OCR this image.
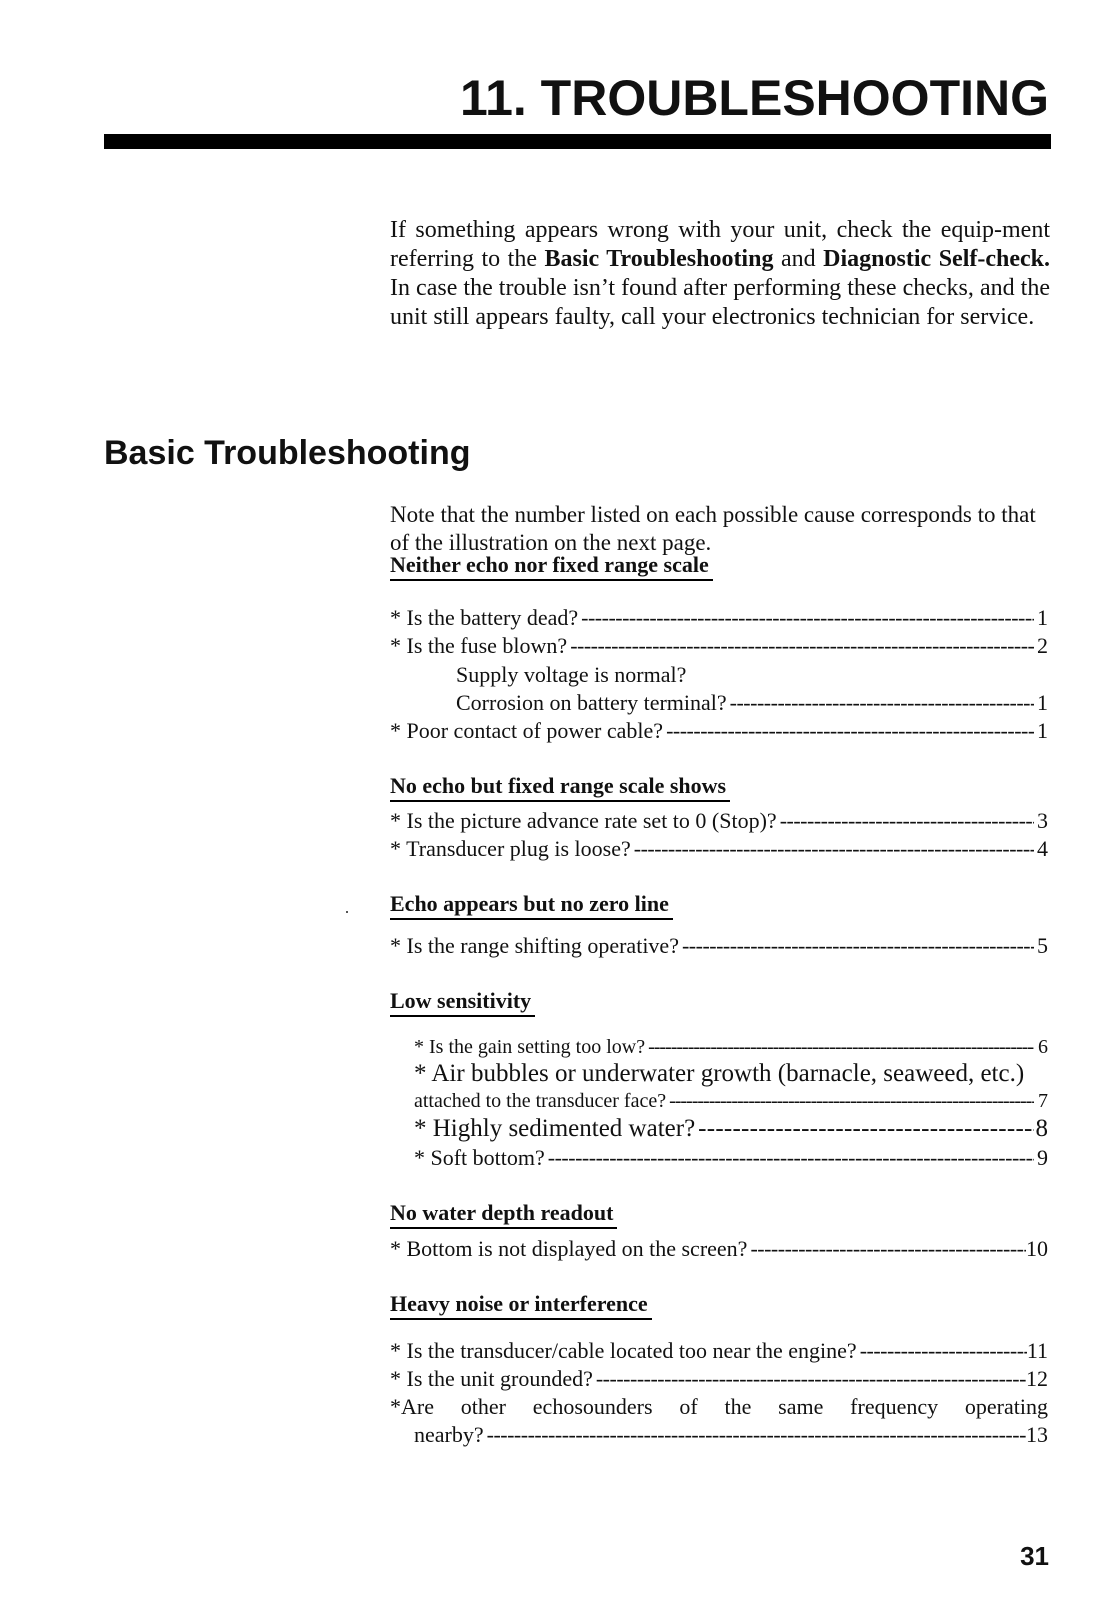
11. TROUBLESHOOTING

If something appears wrong with your unit, check the equip-ment referring to the Basic Troubleshooting and Diagnostic Self-check. In case the trouble isn’t found after performing these checks, and the unit still appears faulty, call your electronics technician for service.

Basic Troubleshooting

Note that the number listed on each possible cause corresponds to that of the illustration on the next page.

Neither echo nor fixed range scale
* Is the battery dead? - - -	1
* Is the fuse blown? - - -	2
Supply voltage is normal?
Corrosion on battery terminal? - - -	1
* Poor contact of power cable? - - -	1
No echo but fixed range scale shows
* Is the picture advance rate set to 0 (Stop)? - - -	3
* Transducer plug is loose? - - -	4
Echo appears but no zero line
* Is the range shifting operative? - - -	5
Low sensitivity
* Is the gain setting too low? - - -	6
* Air bubbles or underwater growth (barnacle, seaweed, etc.)
attached to the transducer face? - - -	7
* Highly sedimented water? - - -	8
* Soft bottom? - - -	9
No water depth readout
* Bottom is not displayed on the screen? - - -	10
Heavy noise or interference
* Is the transducer/cable located too near the engine? - - -	11
* Is the unit grounded? - - -	12
*Are other echosounders of the same frequency operating
nearby? - - -	13
31
